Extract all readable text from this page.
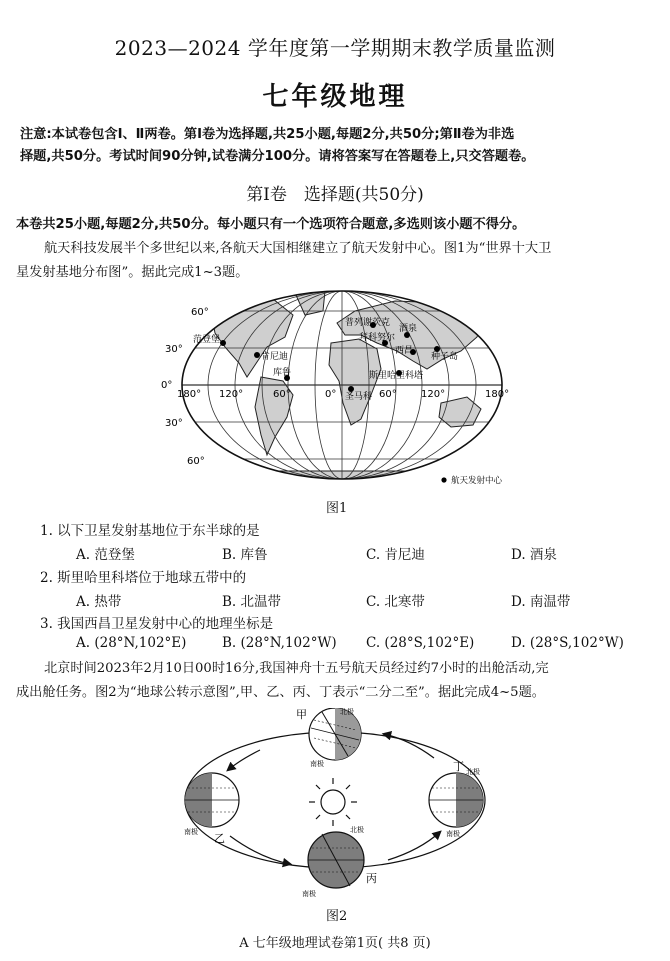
2023—2024 学年度第一学期期末教学质量监测
七年级地理
注意:本试卷包含Ⅰ、Ⅱ两卷。第Ⅰ卷为选择题,共25小题,每题2分,共50分;第Ⅱ卷为非选
择题,共50分。考试时间90分钟,试卷满分100分。请将答案写在答题卷上,只交答题卷。
第Ⅰ卷　选择题(共50分)
本卷共25小题,每题2分,共50分。每小题只有一个选项符合题意,多选则该小题不得分。
航天科技发展半个多世纪以来,各航天大国相继建立了航天发射中心。图1为“世界十大卫
星发射基地分布图”。据此完成1~3题。
60°
30°
0°
30°
60°
180° 120°	60°	0°	60° 120°	180°
普列谢茨克
拜科努尔
范登堡
肯尼迪
酒泉
西昌
种子岛
库鲁	斯里哈里科塔
圣马科
航天发射中心
图1
1. 以下卫星发射基地位于东半球的是
A. 范登堡	B. 库鲁	C. 肯尼迪	D. 酒泉
2. 斯里哈里科塔位于地球五带中的
A. 热带	B. 北温带	C. 北寒带	D. 南温带
3. 我国西昌卫星发射中心的地理坐标是
A. (28°N,102°E)	B. (28°N,102°W) C. (28°S,102°E)	D. (28°S,102°W)
北京时间2023年2月10日00时16分,我国神舟十五号航天员经过约7小时的出舱活动,完
成出舱任务。图2为“地球公转示意图”,甲、乙、丙、丁表示“二分二至”。据此完成4~5题。
甲	北极
南极
南极 乙
北极
南极
丙
丁 北极
南极
图2
A 七年级地理试卷第1页( 共8 页)
